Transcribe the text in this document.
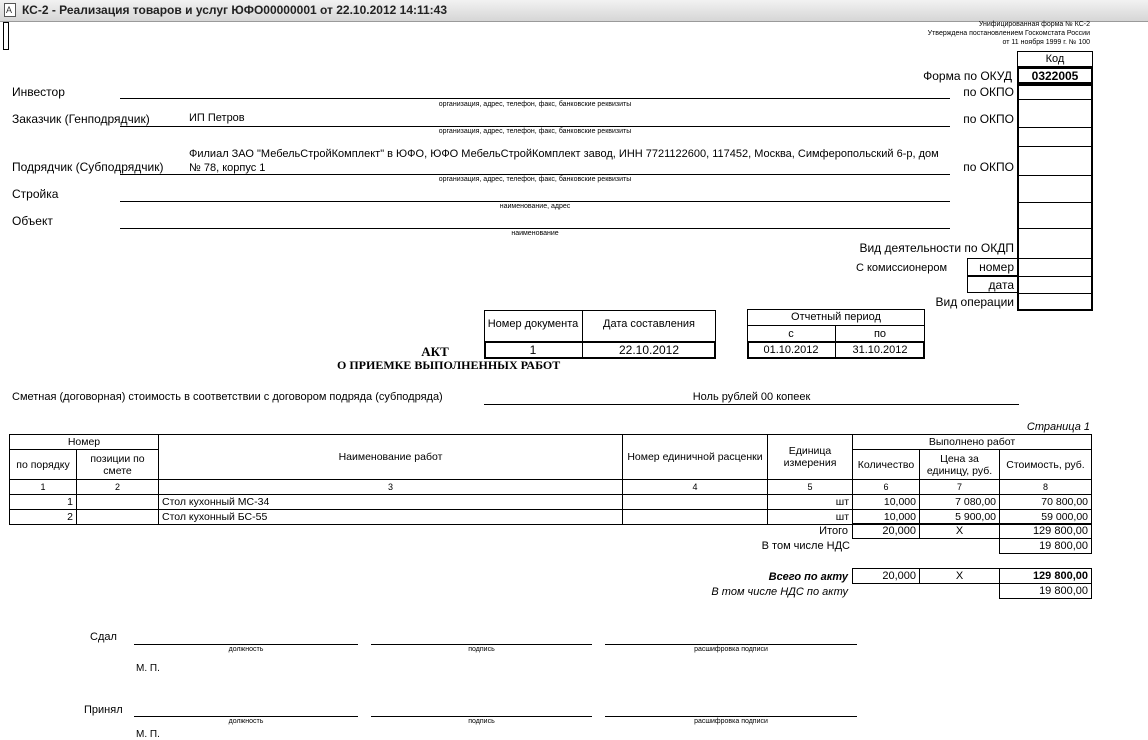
A КС-2 - Реализация товаров и услуг ЮФО00000001 от 22.10.2012 14:11:43
Унифицированная форма № КС-2
Утверждена постановлением Госкомстата России
от 11 ноября 1999 г. № 100
Код
0322005
Форма по ОКУД
по ОКПО
по ОКПО
по ОКПО
Вид деятельности по ОКДП
С комиссионером	номер
дата
Вид операции
Инвестор
организация, адрес, телефон, факс, банковские реквизиты
Заказчик (Генподрядчик)	ИП Петров
организация, адрес, телефон, факс, банковские реквизиты
Подрядчик (Субподрядчик)
Филиал ЗАО "МебельСтройКомплект" в ЮФО, ЮФО МебельСтройКомплект завод, ИНН 7721122600, 117452, Москва, Симферопольский 6-р, дом
№ 78, корпус 1
организация, адрес, телефон, факс, банковские реквизиты
Стройка
наименование, адрес
Объект
наименование
Номер документа	Дата составления
1	22.10.2012
Отчетный период
с	по
01.10.2012	31.10.2012
АКТ
О ПРИЕМКЕ ВЫПОЛНЕННЫХ РАБОТ
Сметная (договорная) стоимость в соответствии с договором подряда (субподряда)	Ноль рублей 00 копеек
Страница 1
Номер		Наименование работ	Номер единичной расценки	Единица измерения	Выполнено работ		
по порядку	позиции по смете				Количество	Цена за единицу, руб.	Стоимость, руб.
1	2	3	4	5	6	7	8
1		Стол кухонный МС-34		шт	10,000	7 080,00	70 800,00
2		Стол кухонный БС-55		шт	10,000	5 900,00	59 000,00
Итого	20,000	X	129 800,00
В том числе НДС	19 800,00
Всего по акту	20,000	X	129 800,00
В том числе НДС по акту	19 800,00
Сдал
должность	подпись	расшифровка подписи
М. П.
Принял
должность	подпись	расшифровка подписи
М. П.
